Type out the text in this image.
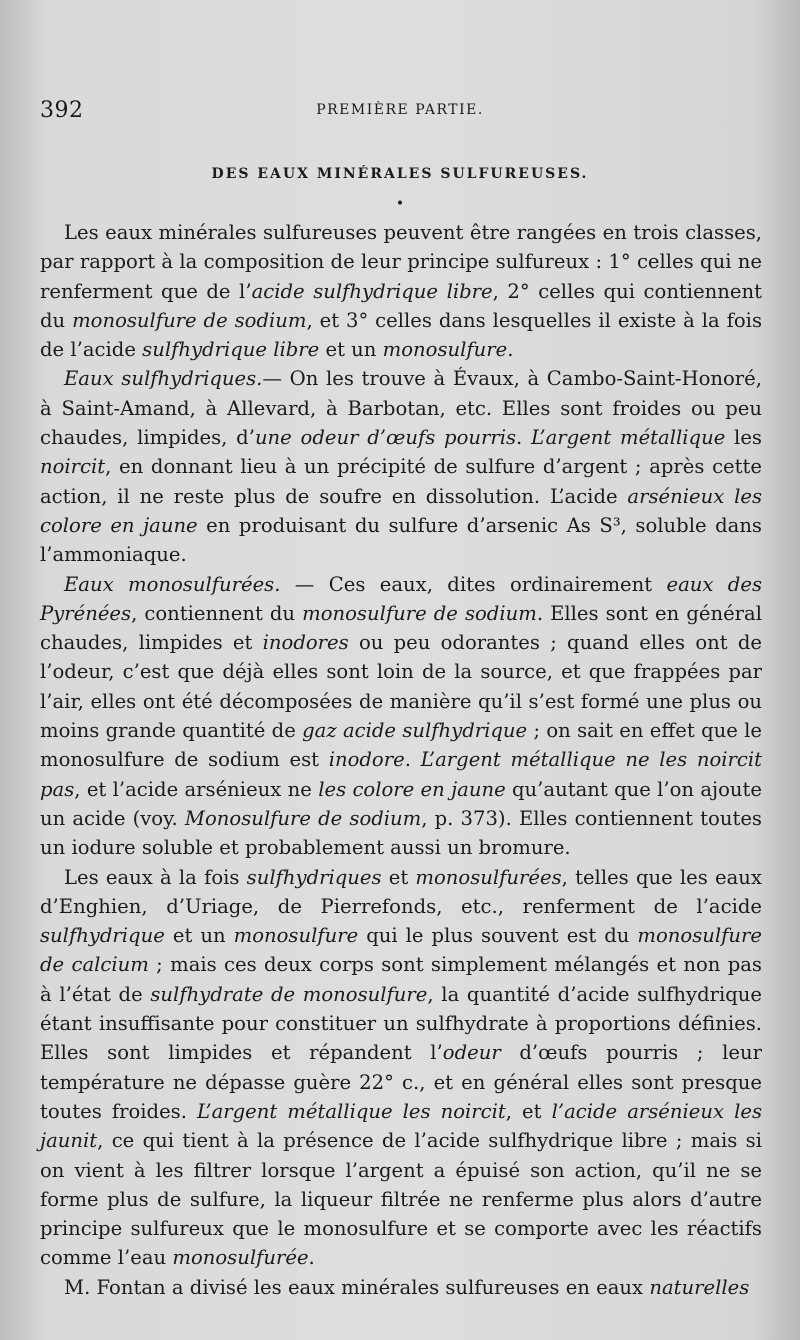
392	PREMIÈRE PARTIE.
DES EAUX MINÉRALES SULFUREUSES.
•

Les eaux minérales sulfureuses peuvent être rangées en trois classes, par rapport à la composition de leur principe sulfureux : 1° celles qui ne renferment que de l’acide sulfhydrique libre, 2° celles qui contiennent du monosulfure de sodium, et 3° celles dans lesquelles il existe à la fois de l’acide sulfhydrique libre et un monosulfure.

Eaux sulfhydriques.— On les trouve à Évaux, à Cambo-Saint-Honoré, à Saint-Amand, à Allevard, à Barbotan, etc. Elles sont froides ou peu chaudes, limpides, d’une odeur d’œufs pourris. L’argent métallique les noircit, en donnant lieu à un précipité de sulfure d’argent ; après cette action, il ne reste plus de soufre en dissolution. L’acide arsénieux les colore en jaune en produisant du sulfure d’arsenic As S³, soluble dans l’ammoniaque.

Eaux monosulfurées. — Ces eaux, dites ordinairement eaux des Pyrénées, contiennent du monosulfure de sodium. Elles sont en général chaudes, limpides et inodores ou peu odorantes ; quand elles ont de l’odeur, c’est que déjà elles sont loin de la source, et que frappées par l’air, elles ont été décomposées de manière qu’il s’est formé une plus ou moins grande quantité de gaz acide sulfhydrique ; on sait en effet que le monosulfure de sodium est inodore. L’argent métallique ne les noircit pas, et l’acide arsénieux ne les colore en jaune qu’autant que l’on ajoute un acide (voy. Monosulfure de sodium, p. 373). Elles contiennent toutes un iodure soluble et probablement aussi un bromure.

Les eaux à la fois sulfhydriques et monosulfurées, telles que les eaux d’Enghien, d’Uriage, de Pierrefonds, etc., renferment de l’acide sulfhydrique et un monosulfure qui le plus souvent est du monosulfure de calcium ; mais ces deux corps sont simplement mélangés et non pas à l’état de sulfhydrate de monosulfure, la quantité d’acide sulfhydrique étant insuffisante pour constituer un sulfhydrate à proportions définies. Elles sont limpides et répandent l’odeur d’œufs pourris ; leur température ne dépasse guère 22° c., et en général elles sont presque toutes froides. L’argent métallique les noircit, et l’acide arsénieux les jaunit, ce qui tient à la présence de l’acide sulfhydrique libre ; mais si on vient à les filtrer lorsque l’argent a épuisé son action, qu’il ne se forme plus de sulfure, la liqueur filtrée ne renferme plus alors d’autre principe sulfureux que le monosulfure et se comporte avec les réactifs comme l’eau monosulfurée.

M. Fontan a divisé les eaux minérales sulfureuses en eaux naturelles
